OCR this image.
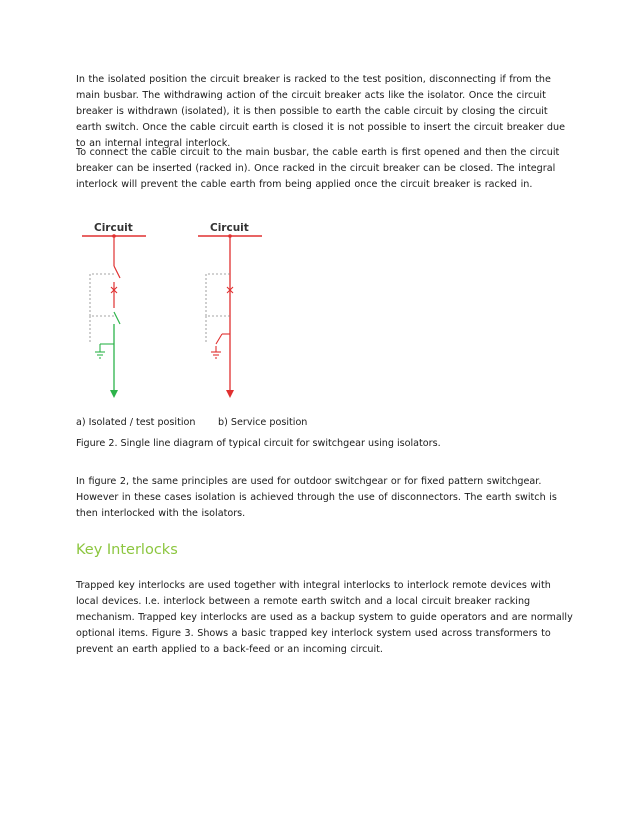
In the isolated position the circuit breaker is racked to the test position, disconnecting if from the main busbar. The withdrawing action of the circuit breaker acts like the isolator. Once the circuit breaker is withdrawn (isolated), it is then possible to earth the cable circuit by closing the circuit earth switch. Once the cable circuit earth is closed it is not possible to insert the circuit breaker due to an internal integral interlock.

To connect the cable circuit to the main busbar, the cable earth is first opened and then the circuit breaker can be inserted (racked in). Once racked in the circuit breaker can be closed. The integral interlock will prevent the cable earth from being applied once the circuit breaker is racked in.

Circuit	Circuit
a) Isolated / test position b) Service position
Figure 2. Single line diagram of typical circuit for switchgear using isolators.

In figure 2, the same principles are used for outdoor switchgear or for fixed pattern switchgear. However in these cases isolation is achieved through the use of disconnectors. The earth switch is then interlocked with the isolators.

Key Interlocks

Trapped key interlocks are used together with integral interlocks to interlock remote devices with local devices. I.e. interlock between a remote earth switch and a local circuit breaker racking mechanism. Trapped key interlocks are used as a backup system to guide operators and are normally optional items. Figure 3. Shows a basic trapped key interlock system used across transformers to prevent an earth applied to a back-feed or an incoming circuit.
